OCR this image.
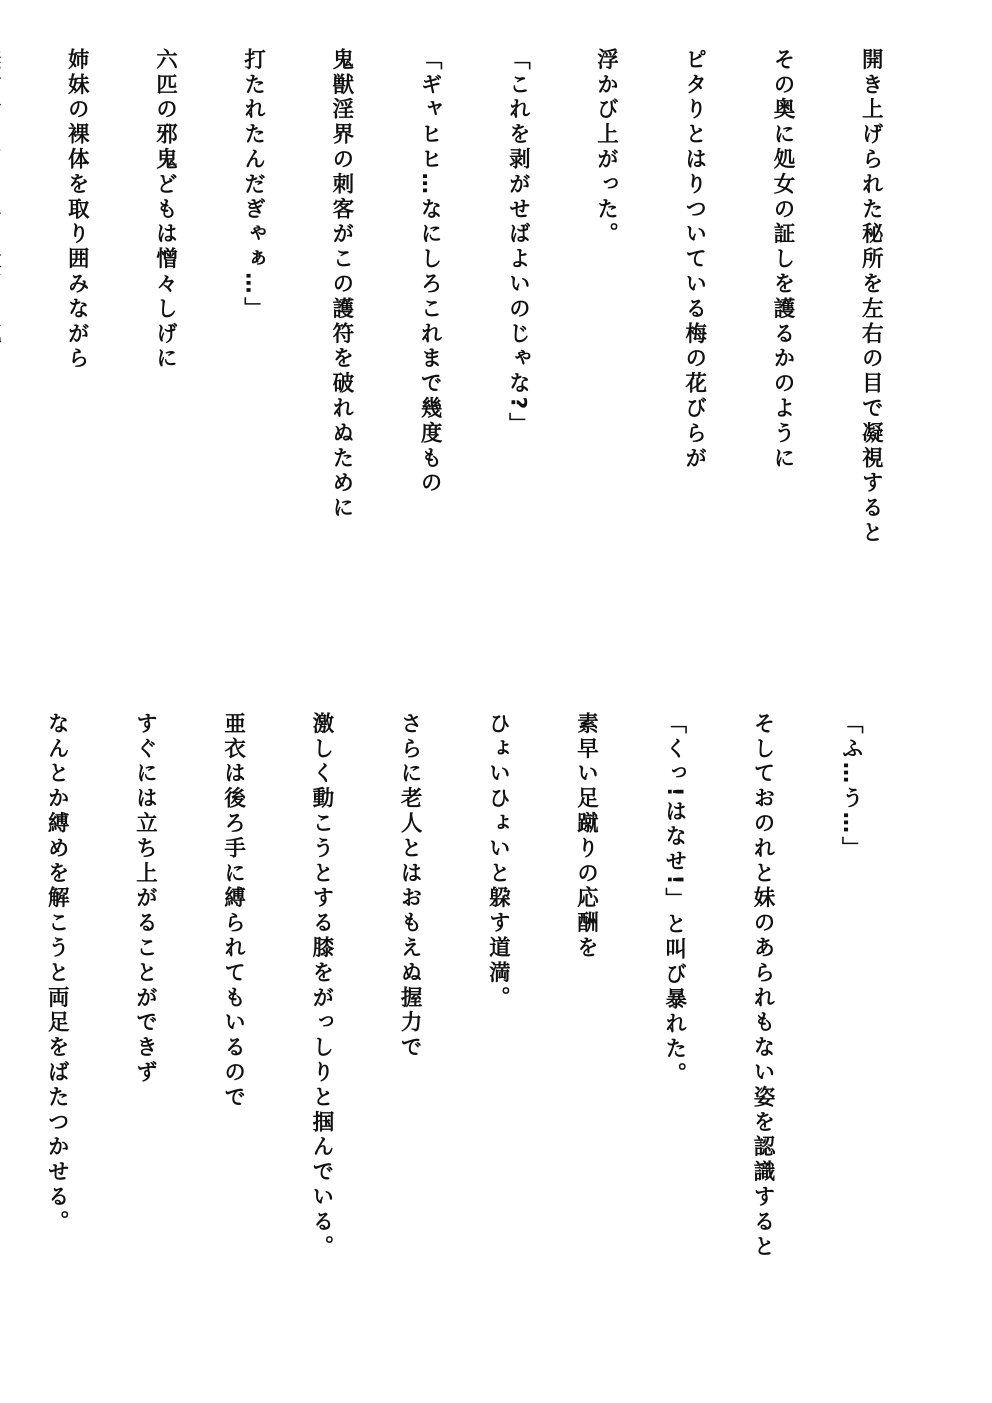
開き上げられた秘所を左右の目で凝視すると

その奥に処女の証しを護るかのように

ピタりとはりついている梅の花びらが

浮かび上がった。

「これを剥がせばよいのじゃな?」

「ギャヒヒ…なにしろこれまで幾度もの

鬼獣淫界の刺客がこの護符を破れぬために

打たれたんだぎゃぁ…」

六匹の邪鬼どもは憎々しげに

姉妹の裸体を取り囲みながら

「ふ…う…」

そしておのれと妹のあられもない姿を認識すると

「くっ!はなせ!」と叫び暴れた。

素早い足蹴りの応酬を

ひょいひょいと躱す道満。

さらに老人とはおもえぬ握力で

激しく動こうとする膝をがっしりと掴んでいる。

亜衣は後ろ手に縛られてもいるので

すぐには立ち上がることができず

なんとか縛めを解こうと両足をばたつかせる。
